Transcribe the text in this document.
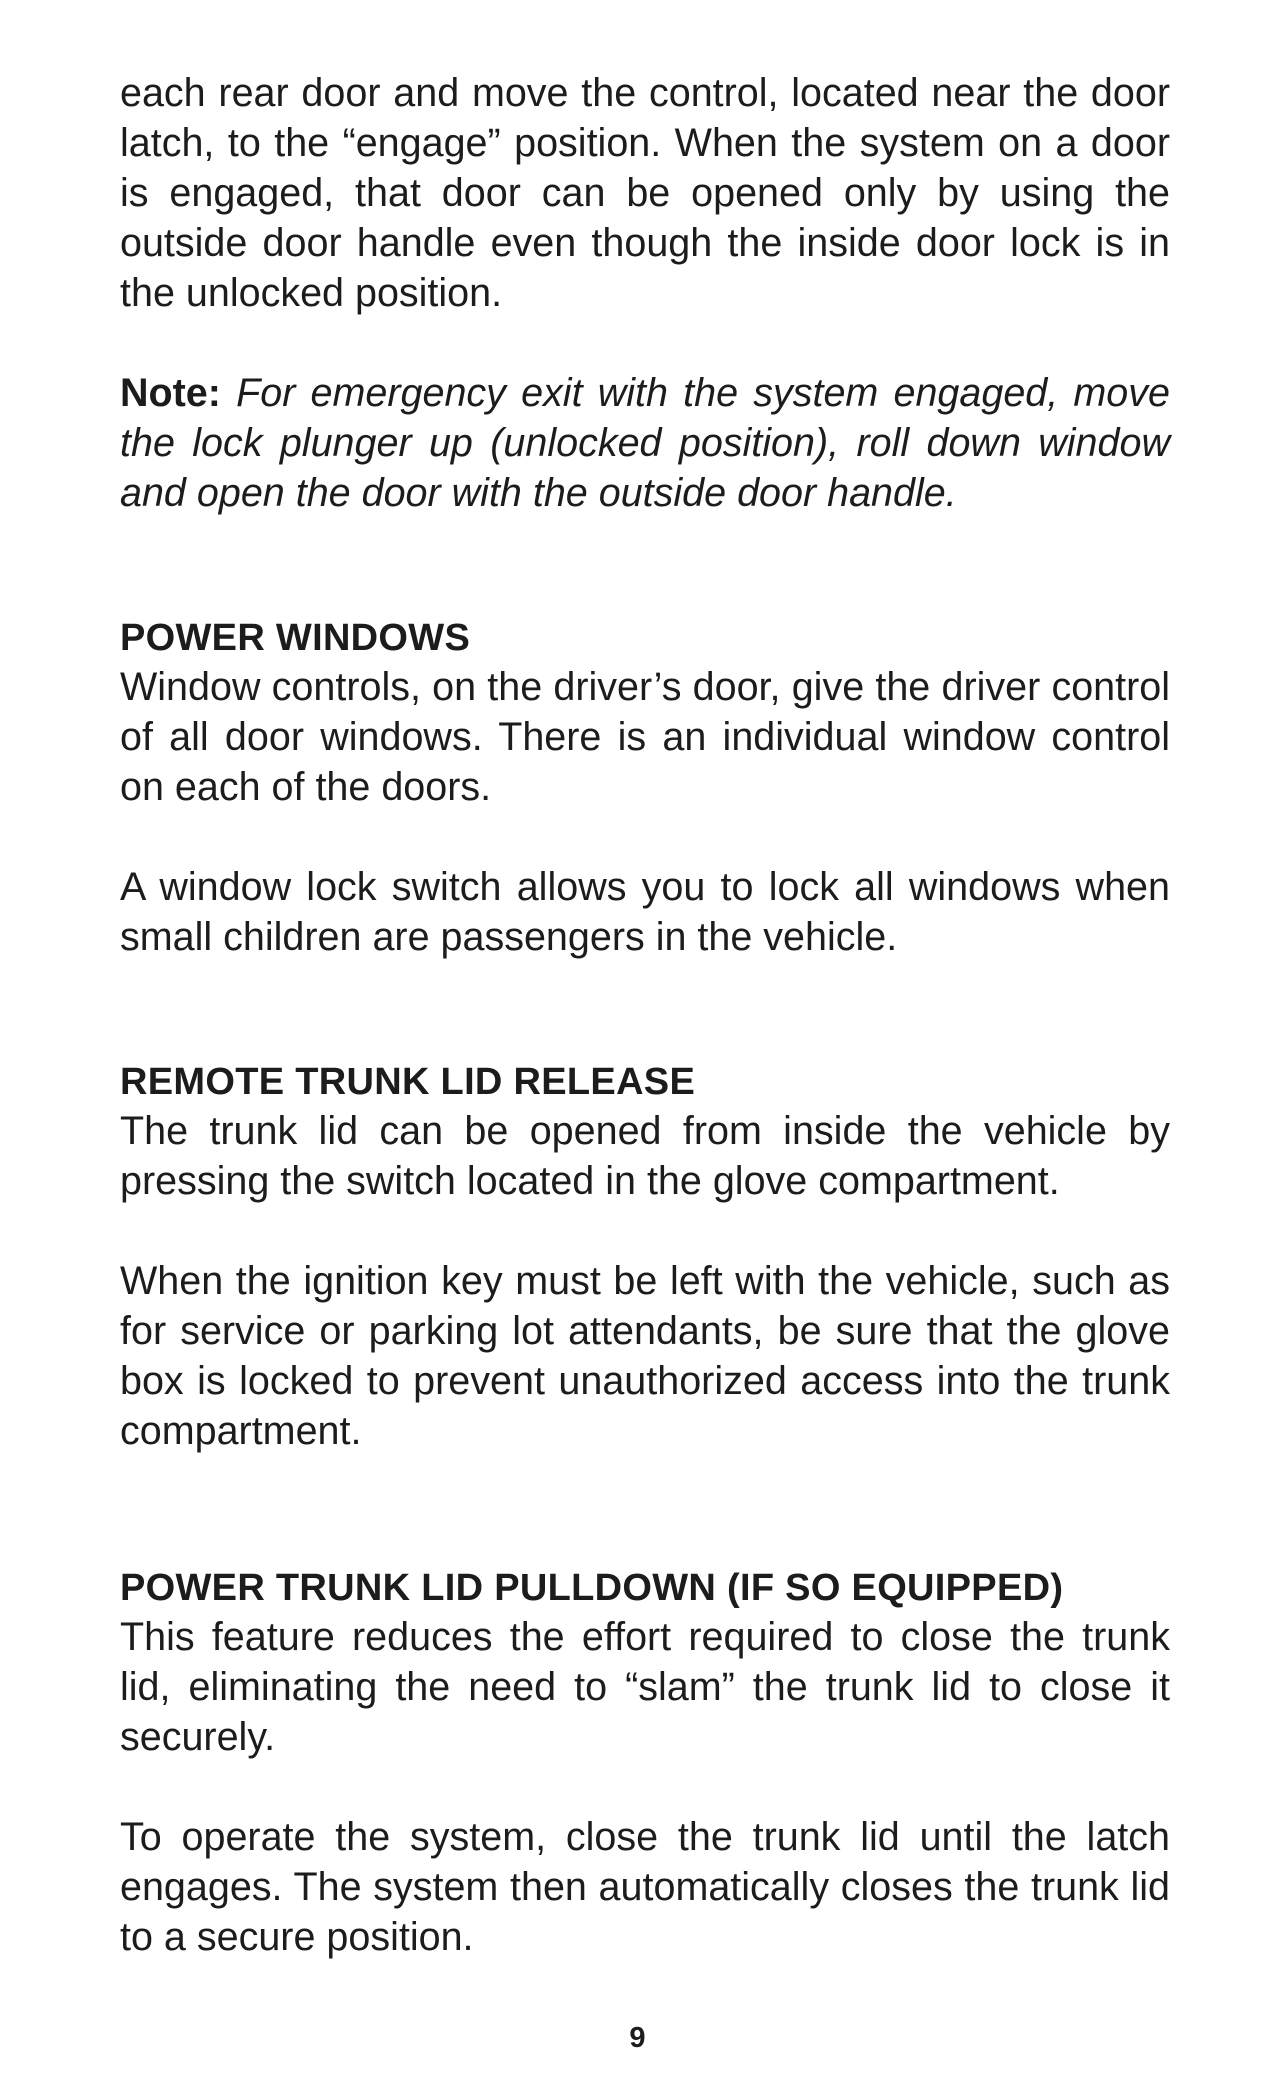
each rear door and move the control, located near the door latch, to the “engage” position. When the system on a door is engaged, that door can be opened only by using the outside door handle even though the inside door lock is in the unlocked position.

Note: For emergency exit with the system engaged, move the lock plunger up (unlocked position), roll down window and open the door with the outside door handle.

POWER WINDOWS

Window controls, on the driver’s door, give the driver control of all door windows. There is an individual window control on each of the doors.

A window lock switch allows you to lock all windows when small children are passengers in the vehicle.

REMOTE TRUNK LID RELEASE

The trunk lid can be opened from inside the vehicle by pressing the switch located in the glove compartment.

When the ignition key must be left with the vehicle, such as for service or parking lot attendants, be sure that the glove box is locked to prevent unauthorized access into the trunk compartment.

POWER TRUNK LID PULLDOWN (IF SO EQUIPPED)

This feature reduces the effort required to close the trunk lid, eliminating the need to “slam” the trunk lid to close it securely.

To operate the system, close the trunk lid until the latch engages. The system then automatically closes the trunk lid to a secure position.

9
